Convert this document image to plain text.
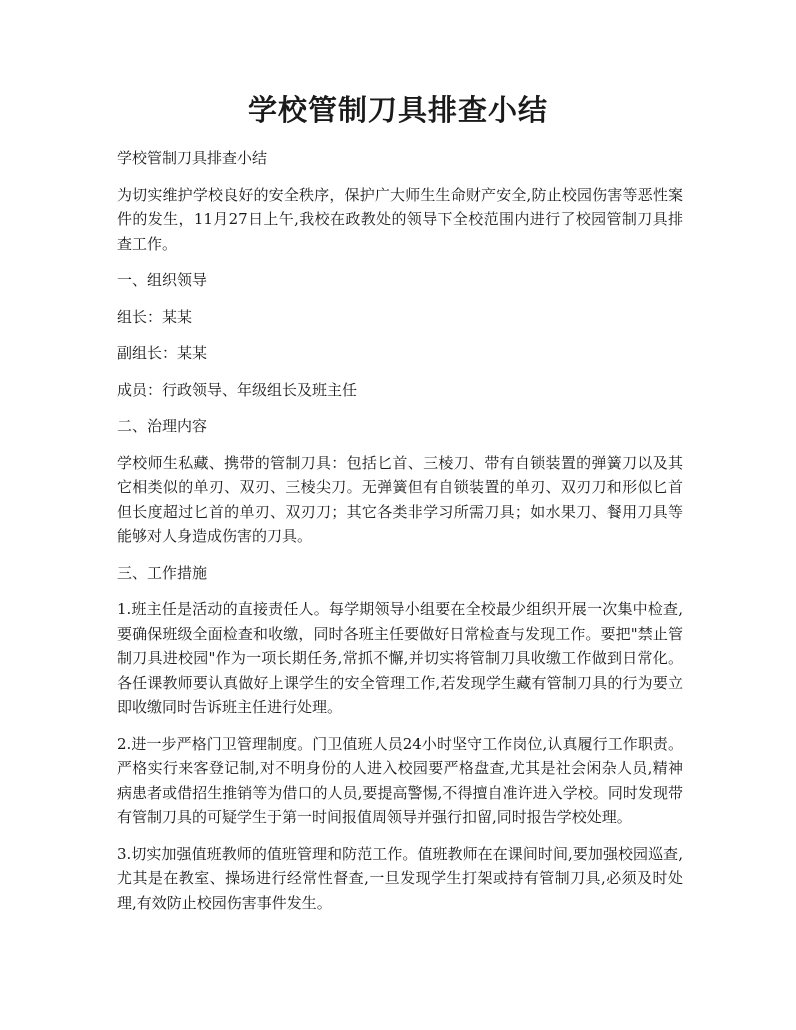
学校管制刀具排查小结

学校管制刀具排查小结

为切实维护学校良好的安全秩序，保护广大师生生命财产安全,防止校园伤害等恶性案件的发生，11月27日上午,我校在政教处的领导下全校范围内进行了校园管制刀具排查工作。

一、组织领导

组长：某某

副组长：某某

成员：行政领导、年级组长及班主任

二、治理内容

学校师生私藏、携带的管制刀具：包括匕首、三棱刀、带有自锁装置的弹簧刀以及其它相类似的单刃、双刃、三棱尖刀。无弹簧但有自锁装置的单刃、双刃刀和形似匕首但长度超过匕首的单刃、双刃刀；其它各类非学习所需刀具；如水果刀、餐用刀具等能够对人身造成伤害的刀具。

三、工作措施

1.班主任是活动的直接责任人。每学期领导小组要在全校最少组织开展一次集中检查,要确保班级全面检查和收缴，同时各班主任要做好日常检查与发现工作。要把"禁止管制刀具进校园"作为一项长期任务,常抓不懈,并切实将管制刀具收缴工作做到日常化。各任课教师要认真做好上课学生的安全管理工作,若发现学生藏有管制刀具的行为要立即收缴同时告诉班主任进行处理。

2.进一步严格门卫管理制度。门卫值班人员24小时坚守工作岗位,认真履行工作职责。严格实行来客登记制,对不明身份的人进入校园要严格盘查,尤其是社会闲杂人员,精神病患者或借招生推销等为借口的人员,要提高警惕,不得擅自准许进入学校。同时发现带有管制刀具的可疑学生于第一时间报值周领导并强行扣留,同时报告学校处理。

3.切实加强值班教师的值班管理和防范工作。值班教师在在课间时间,要加强校园巡查,尤其是在教室、操场进行经常性督查,一旦发现学生打架或持有管制刀具,必须及时处理,有效防止校园伤害事件发生。
